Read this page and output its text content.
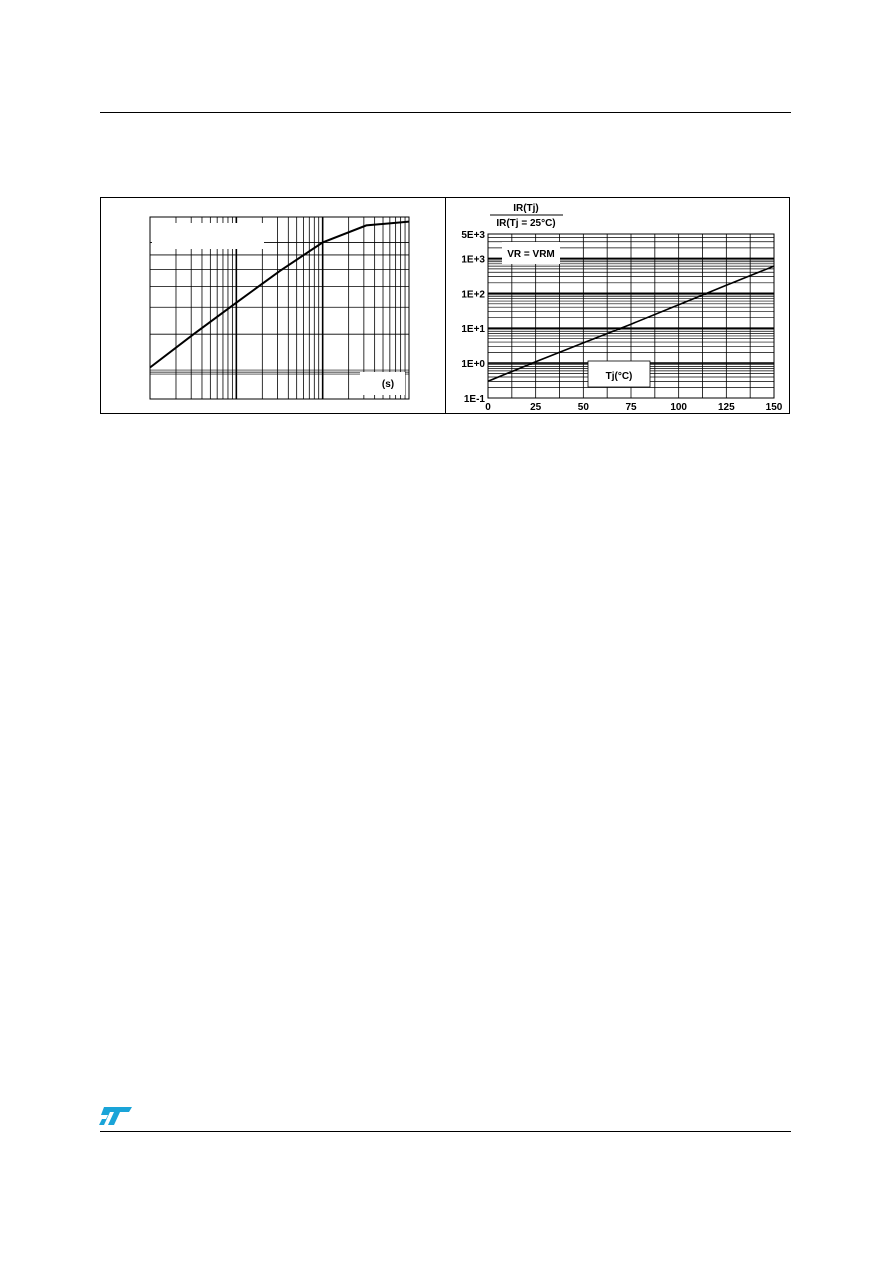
(s)
VR = VRM
Tj(°C)
1E-1
1E+0
1E+1
1E+2
1E+3
5E+3
0	25	50	75	100	125	150
IR(Tj)
IR(Tj = 25°C)
